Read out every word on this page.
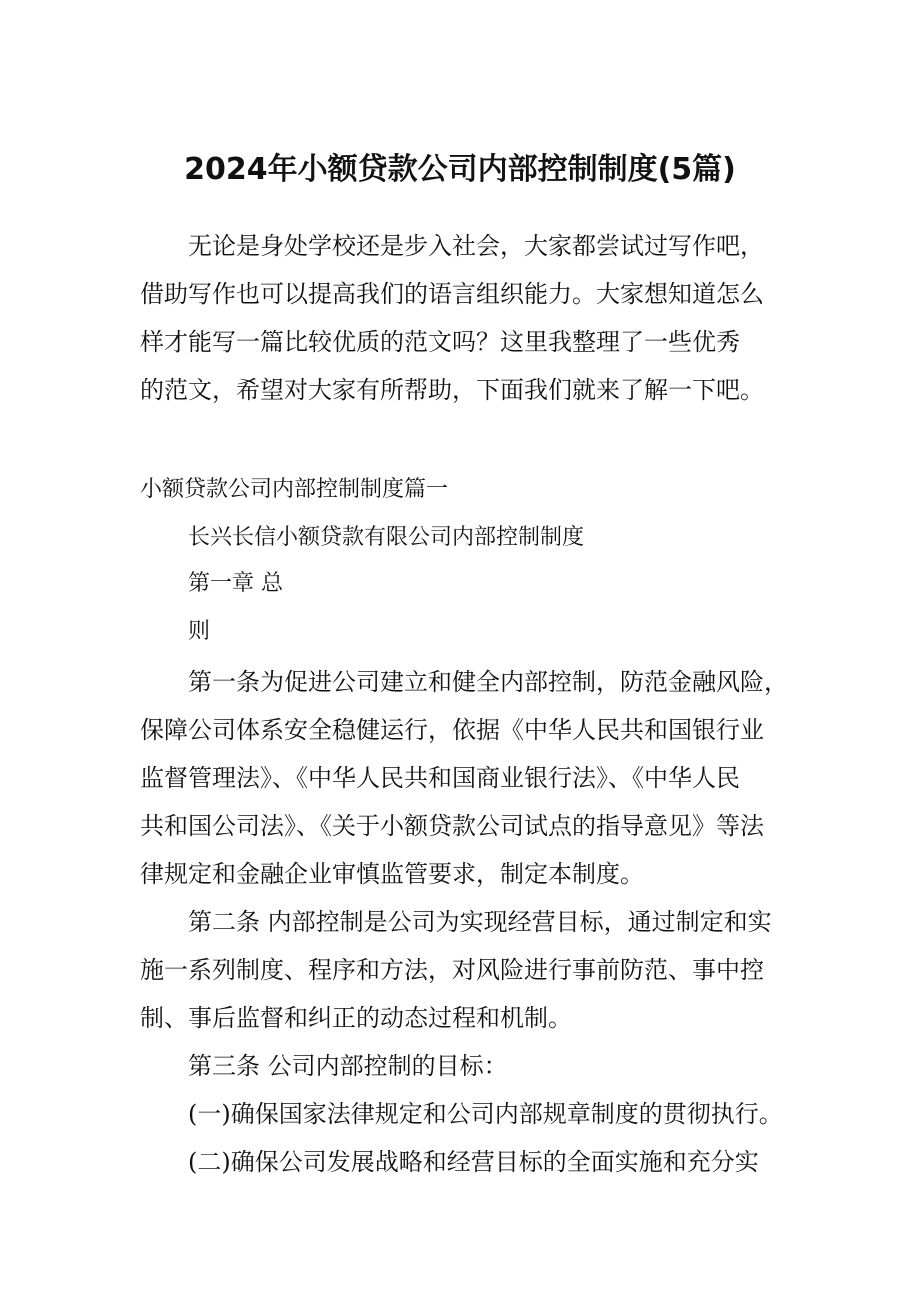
2024年小额贷款公司内部控制制度(5篇)

无论是身处学校还是步入社会，大家都尝试过写作吧，

借助写作也可以提高我们的语言组织能力。大家想知道怎么

样才能写一篇比较优质的范文吗？这里我整理了一些优秀

的范文，希望对大家有所帮助，下面我们就来了解一下吧。

小额贷款公司内部控制制度篇一

长兴长信小额贷款有限公司内部控制制度

第一章 总

则

第一条为促进公司建立和健全内部控制，防范金融风险，

保障公司体系安全稳健运行，依据《中华人民共和国银行业

监督管理法》、《中华人民共和国商业银行法》、《中华人民

共和国公司法》、《关于小额贷款公司试点的指导意见》等法

律规定和金融企业审慎监管要求，制定本制度。

第二条 内部控制是公司为实现经营目标，通过制定和实

施一系列制度、程序和方法，对风险进行事前防范、事中控

制、事后监督和纠正的动态过程和机制。

第三条 公司内部控制的目标：

(一)确保国家法律规定和公司内部规章制度的贯彻执行。

(二)确保公司发展战略和经营目标的全面实施和充分实
